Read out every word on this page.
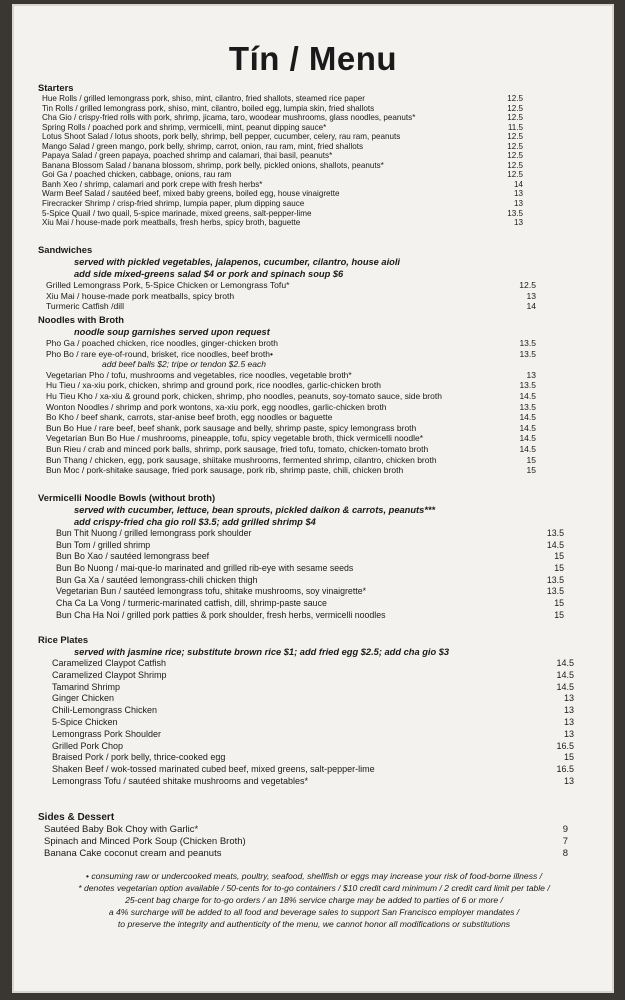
Tín / Menu
Starters
Hue Rolls / grilled lemongrass pork, shiso, mint, cilantro, fried shallots, steamed rice paper	12.5
Tin Rolls / grilled lemongrass pork, shiso, mint, cilantro, boiled egg, lumpia skin, fried shallots	12.5
Cha Gio / crispy-fried rolls with pork, shrimp, jicama, taro, woodear mushrooms, glass noodles, peanuts*	12.5
Spring Rolls / poached pork and shrimp, vermicelli, mint, peanut dipping sauce*	11.5
Lotus Shoot Salad / lotus shoots, pork belly, shrimp, bell pepper, cucumber, celery, rau ram, peanuts	12.5
Mango Salad / green mango, pork belly, shrimp, carrot, onion, rau ram, mint, fried shallots	12.5
Papaya Salad / green papaya, poached shrimp and calamari, thai basil, peanuts*	12.5
Banana Blossom Salad / banana blossom, shrimp, pork belly, pickled onions, shallots, peanuts*	12.5
Goi Ga / poached chicken, cabbage, onions, rau ram	12.5
Banh Xeo / shrimp, calamari and pork crepe with fresh herbs*	14
Warm Beef Salad / sautéed beef, mixed baby greens, boiled egg, house vinaigrette	13
Firecracker Shrimp / crisp-fried shrimp, lumpia paper, plum dipping sauce	13
5-Spice Quail / two quail, 5-spice marinade, mixed greens, salt-pepper-lime	13.5
Xiu Mai / house-made pork meatballs, fresh herbs, spicy broth, baguette	13
Sandwiches
served with pickled vegetables, jalapenos, cucumber, cilantro, house aioli
add side mixed-greens salad $4 or pork and spinach soup $6
Grilled Lemongrass Pork, 5-Spice Chicken or Lemongrass Tofu*	12.5
Xiu Mai / house-made pork meatballs, spicy broth	13
Turmeric Catfish /dill	14
Noodles with Broth
noodle soup garnishes served upon request
Pho Ga / poached chicken, rice noodles, ginger-chicken broth	13.5
Pho Bo / rare eye-of-round, brisket, rice noodles, beef broth•	13.5
add beef balls $2; tripe or tendon $2.5 each
Vegetarian Pho / tofu, mushrooms and vegetables, rice noodles, vegetable broth*	13
Hu Tieu / xa-xiu pork, chicken, shrimp and ground pork, rice noodles, garlic-chicken broth	13.5
Hu Tieu Kho / xa-xiu & ground pork, chicken, shrimp, pho noodles, peanuts, soy-tomato sauce, side broth	14.5
Wonton Noodles / shrimp and pork wontons, xa-xiu pork, egg noodles, garlic-chicken broth	13.5
Bo Kho / beef shank, carrots, star-anise beef broth, egg noodles or baguette	14.5
Bun Bo Hue / rare beef, beef shank, pork sausage and belly, shrimp paste, spicy lemongrass broth	14.5
Vegetarian Bun Bo Hue / mushrooms, pineapple, tofu, spicy vegetable broth, thick vermicelli noodle*	14.5
Bun Rieu / crab and minced pork balls, shrimp, pork sausage, fried tofu, tomato, chicken-tomato broth	14.5
Bun Thang / chicken, egg, pork sausage, shiitake mushrooms, fermented shrimp, cilantro, chicken broth	15
Bun Moc / pork-shitake sausage, fried pork sausage, pork rib, shrimp paste, chili, chicken broth	15
Vermicelli Noodle Bowls (without broth)
served with cucumber, lettuce, bean sprouts, pickled daikon & carrots, peanuts***
add crispy-fried cha gio roll $3.5; add grilled shrimp $4
Bun Thit Nuong / grilled lemongrass pork shoulder	13.5
Bun Tom / grilled shrimp	14.5
Bun Bo Xao / sautéed lemongrass beef	15
Bun Bo Nuong / mai-que-lo marinated and grilled rib-eye with sesame seeds	15
Bun Ga Xa / sautéed lemongrass-chili chicken thigh	13.5
Vegetarian Bun / sautéed lemongrass tofu, shitake mushrooms, soy vinaigrette*	13.5
Cha Ca La Vong / turmeric-marinated catfish, dill, shrimp-paste sauce	15
Bun Cha Ha Noi / grilled pork patties & pork shoulder, fresh herbs, vermicelli noodles	15
Rice Plates
served with jasmine rice; substitute brown rice $1; add fried egg $2.5; add cha gio $3
Caramelized Claypot Catfish	14.5
Caramelized Claypot Shrimp	14.5
Tamarind Shrimp	14.5
Ginger Chicken	13
Chili-Lemongrass Chicken	13
5-Spice Chicken	13
Lemongrass Pork Shoulder	13
Grilled Pork Chop	16.5
Braised Pork / pork belly, thrice-cooked egg	15
Shaken Beef / wok-tossed marinated cubed beef, mixed greens, salt-pepper-lime	16.5
Lemongrass Tofu / sautéed shitake mushrooms and vegetables*	13
Sides & Dessert
Sautéed Baby Bok Choy with Garlic*	9
Spinach and Minced Pork Soup (Chicken Broth)	7
Banana Cake coconut cream and peanuts	8
• consuming raw or undercooked meats, poultry, seafood, shellfish or eggs may increase your risk of food-borne illness /
* denotes vegetarian option available / 50-cents for to-go containers / $10 credit card minimum / 2 credit card limit per table /
25-cent bag charge for to-go orders / an 18% service charge may be added to parties of 6 or more /
a 4% surcharge will be added to all food and beverage sales to support San Francisco employer mandates /
to preserve the integrity and authenticity of the menu, we cannot honor all modifications or substitutions
